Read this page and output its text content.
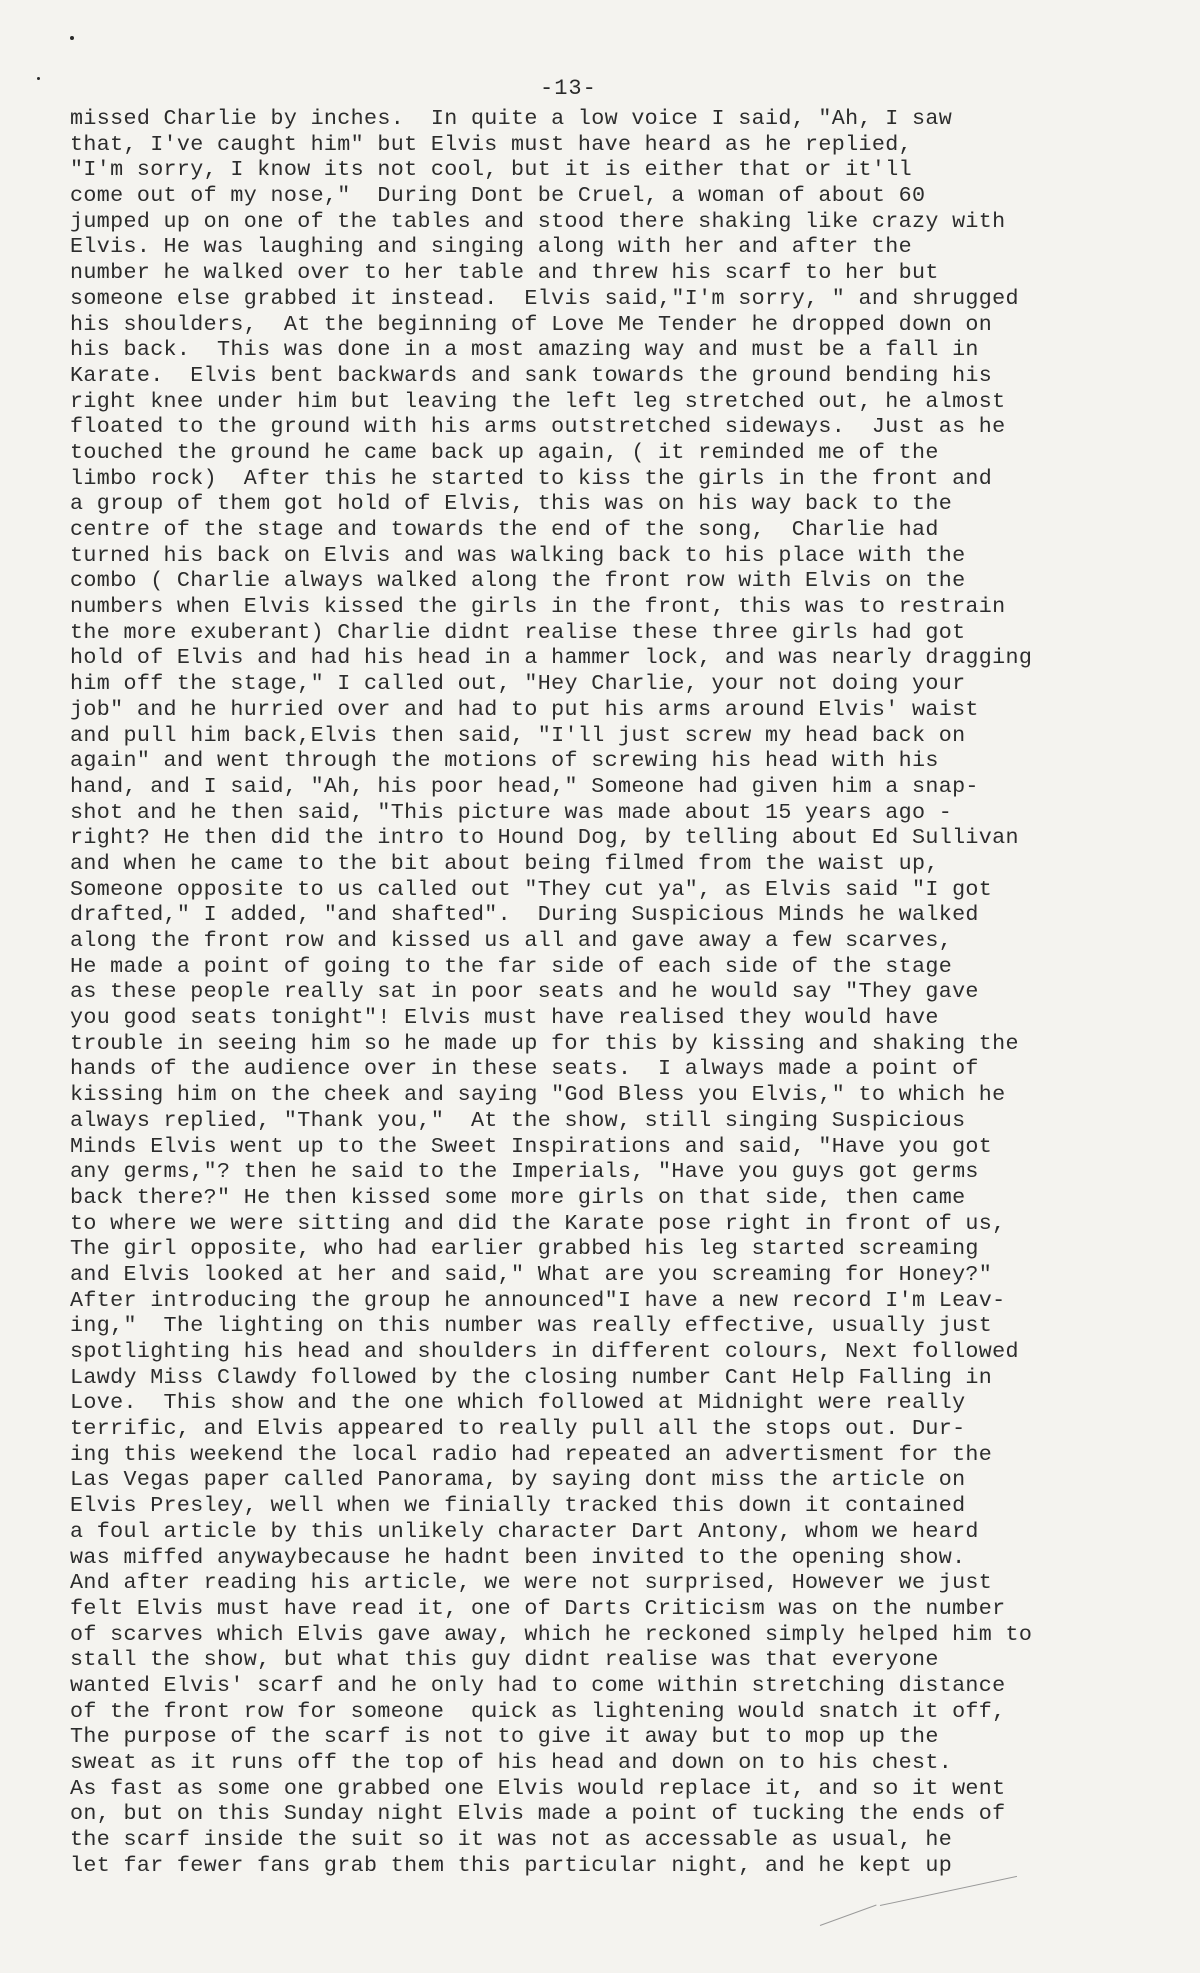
-13-
missed Charlie by inches.  In quite a low voice I said, "Ah, I saw
that, I've caught him" but Elvis must have heard as he replied,
"I'm sorry, I know its not cool, but it is either that or it'll
come out of my nose,"  During Dont be Cruel, a woman of about 60
jumped up on one of the tables and stood there shaking like crazy with
Elvis. He was laughing and singing along with her and after the
number he walked over to her table and threw his scarf to her but
someone else grabbed it instead.  Elvis said,"I'm sorry, " and shrugged
his shoulders,  At the beginning of Love Me Tender he dropped down on
his back.  This was done in a most amazing way and must be a fall in
Karate.  Elvis bent backwards and sank towards the ground bending his
right knee under him but leaving the left leg stretched out, he almost
floated to the ground with his arms outstretched sideways.  Just as he
touched the ground he came back up again, ( it reminded me of the
limbo rock)  After this he started to kiss the girls in the front and
a group of them got hold of Elvis, this was on his way back to the
centre of the stage and towards the end of the song,  Charlie had
turned his back on Elvis and was walking back to his place with the
combo ( Charlie always walked along the front row with Elvis on the
numbers when Elvis kissed the girls in the front, this was to restrain
the more exuberant) Charlie didnt realise these three girls had got
hold of Elvis and had his head in a hammer lock, and was nearly dragging
him off the stage," I called out, "Hey Charlie, your not doing your
job" and he hurried over and had to put his arms around Elvis' waist
and pull him back,Elvis then said, "I'll just screw my head back on
again" and went through the motions of screwing his head with his
hand, and I said, "Ah, his poor head," Someone had given him a snap-
shot and he then said, "This picture was made about 15 years ago -
right? He then did the intro to Hound Dog, by telling about Ed Sullivan
and when he came to the bit about being filmed from the waist up,
Someone opposite to us called out "They cut ya", as Elvis said "I got
drafted," I added, "and shafted".  During Suspicious Minds he walked
along the front row and kissed us all and gave away a few scarves,
He made a point of going to the far side of each side of the stage
as these people really sat in poor seats and he would say "They gave
you good seats tonight"! Elvis must have realised they would have
trouble in seeing him so he made up for this by kissing and shaking the
hands of the audience over in these seats.  I always made a point of
kissing him on the cheek and saying "God Bless you Elvis," to which he
always replied, "Thank you,"  At the show, still singing Suspicious
Minds Elvis went up to the Sweet Inspirations and said, "Have you got
any germs,"? then he said to the Imperials, "Have you guys got germs
back there?" He then kissed some more girls on that side, then came
to where we were sitting and did the Karate pose right in front of us,
The girl opposite, who had earlier grabbed his leg started screaming
and Elvis looked at her and said," What are you screaming for Honey?"
After introducing the group he announced"I have a new record I'm Leav-
ing,"  The lighting on this number was really effective, usually just
spotlighting his head and shoulders in different colours, Next followed
Lawdy Miss Clawdy followed by the closing number Cant Help Falling in
Love.  This show and the one which followed at Midnight were really
terrific, and Elvis appeared to really pull all the stops out. Dur-
ing this weekend the local radio had repeated an advertisment for the
Las Vegas paper called Panorama, by saying dont miss the article on
Elvis Presley, well when we finially tracked this down it contained
a foul article by this unlikely character Dart Antony, whom we heard
was miffed anywaybecause he hadnt been invited to the opening show.
And after reading his article, we were not surprised, However we just
felt Elvis must have read it, one of Darts Criticism was on the number
of scarves which Elvis gave away, which he reckoned simply helped him to
stall the show, but what this guy didnt realise was that everyone
wanted Elvis' scarf and he only had to come within stretching distance
of the front row for someone  quick as lightening would snatch it off,
The purpose of the scarf is not to give it away but to mop up the
sweat as it runs off the top of his head and down on to his chest.
As fast as some one grabbed one Elvis would replace it, and so it went
on, but on this Sunday night Elvis made a point of tucking the ends of
the scarf inside the suit so it was not as accessable as usual, he
let far fewer fans grab them this particular night, and he kept up
